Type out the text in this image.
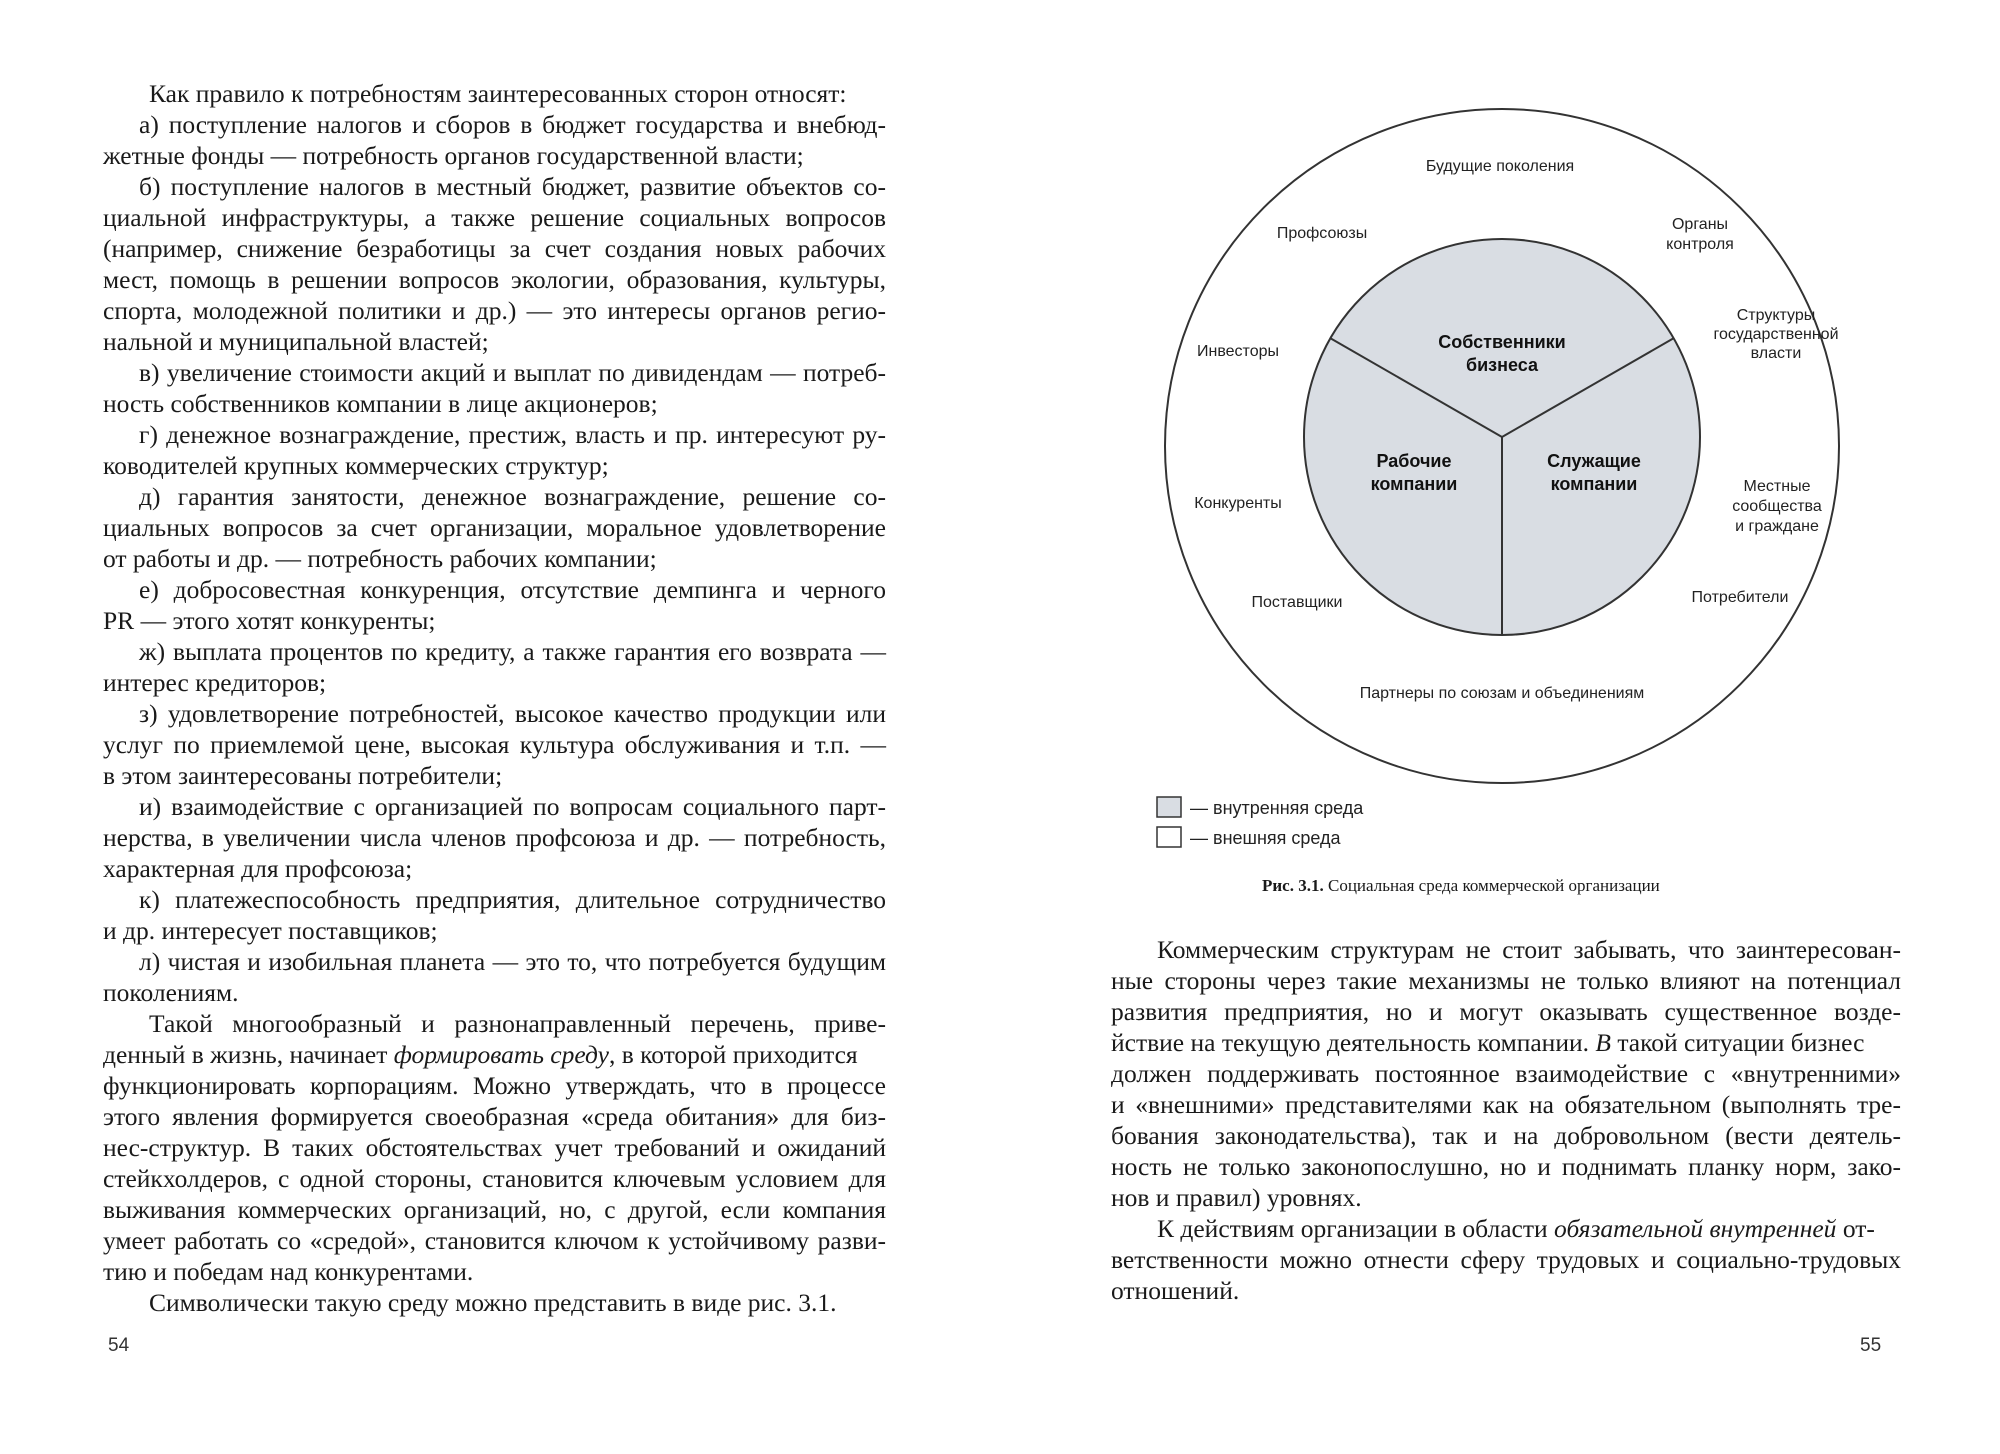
Как правило к потребностям заинтересованных сторон относят:
а) поступление налогов и сборов в бюджет государства и внебюд-
жетные фонды — потребность органов государственной власти;
б) поступление налогов в местный бюджет, развитие объектов со-
циальной инфраструктуры, а также решение социальных вопросов
(например, снижение безработицы за счет создания новых рабочих
мест, помощь в решении вопросов экологии, образования, культуры,
спорта, молодежной политики и др.) — это интересы органов регио-
нальной и муниципальной властей;
в) увеличение стоимости акций и выплат по дивидендам — потреб-
ность собственников компании в лице акционеров;
г) денежное вознаграждение, престиж, власть и пр. интересуют ру-
ководителей крупных коммерческих структур;
д) гарантия занятости, денежное вознаграждение, решение со-
циальных вопросов за счет организации, моральное удовлетворение
от работы и др. — потребность рабочих компании;
е) добросовестная конкуренция, отсутствие демпинга и черного
PR — этого хотят конкуренты;
ж) выплата процентов по кредиту, а также гарантия его возврата —
интерес кредиторов;
з) удовлетворение потребностей, высокое качество продукции или
услуг по приемлемой цене, высокая культура обслуживания и т.п. —
в этом заинтересованы потребители;
и) взаимодействие с организацией по вопросам социального парт-
нерства, в увеличении числа членов профсоюза и др. — потребность,
характерная для профсоюза;
к) платежеспособность предприятия, длительное сотрудничество
и др. интересует поставщиков;
л) чистая и изобильная планета — это то, что потребуется будущим
поколениям.
Такой многообразный и разнонаправленный перечень, приве-
денный в жизнь, начинает формировать среду, в которой приходится
функционировать корпорациям. Можно утверждать, что в процессе
этого явления формируется своеобразная «среда обитания» для биз-
нес-структур. В таких обстоятельствах учет требований и ожиданий
стейкхолдеров, с одной стороны, становится ключевым условием для
выживания коммерческих организаций, но, с другой, если компания
умеет работать со «средой», становится ключом к устойчивому разви-
тию и победам над конкурентами.
Символически такую среду можно представить в виде рис. 3.1.
54
Собственники
бизнеса
Рабочие
компании
Служащие
компании
Будущие поколения
Органы
контроля
Профсоюзы
Структуры
государственной
власти
Инвесторы
Местные
сообщества
и граждане
Конкуренты
Поставщики	Потребители
Партнеры по союзам и объединениям
— внутренняя среда
— внешняя среда
Рис. 3.1. Социальная среда коммерческой организации
Коммерческим структурам не стоит забывать, что заинтересован-
ные стороны через такие механизмы не только влияют на потенциал
развития предприятия, но и могут оказывать существенное возде-
йствие на текущую деятельность компании. В такой ситуации бизнес
должен поддерживать постоянное взаимодействие с «внутренними»
и «внешними» представителями как на обязательном (выполнять тре-
бования законодательства), так и на добровольном (вести деятель-
ность не только законопослушно, но и поднимать планку норм, зако-
нов и правил) уровнях.
К действиям организации в области обязательной внутренней от-
ветственности можно отнести сферу трудовых и социально-трудовых
отношений.
55
